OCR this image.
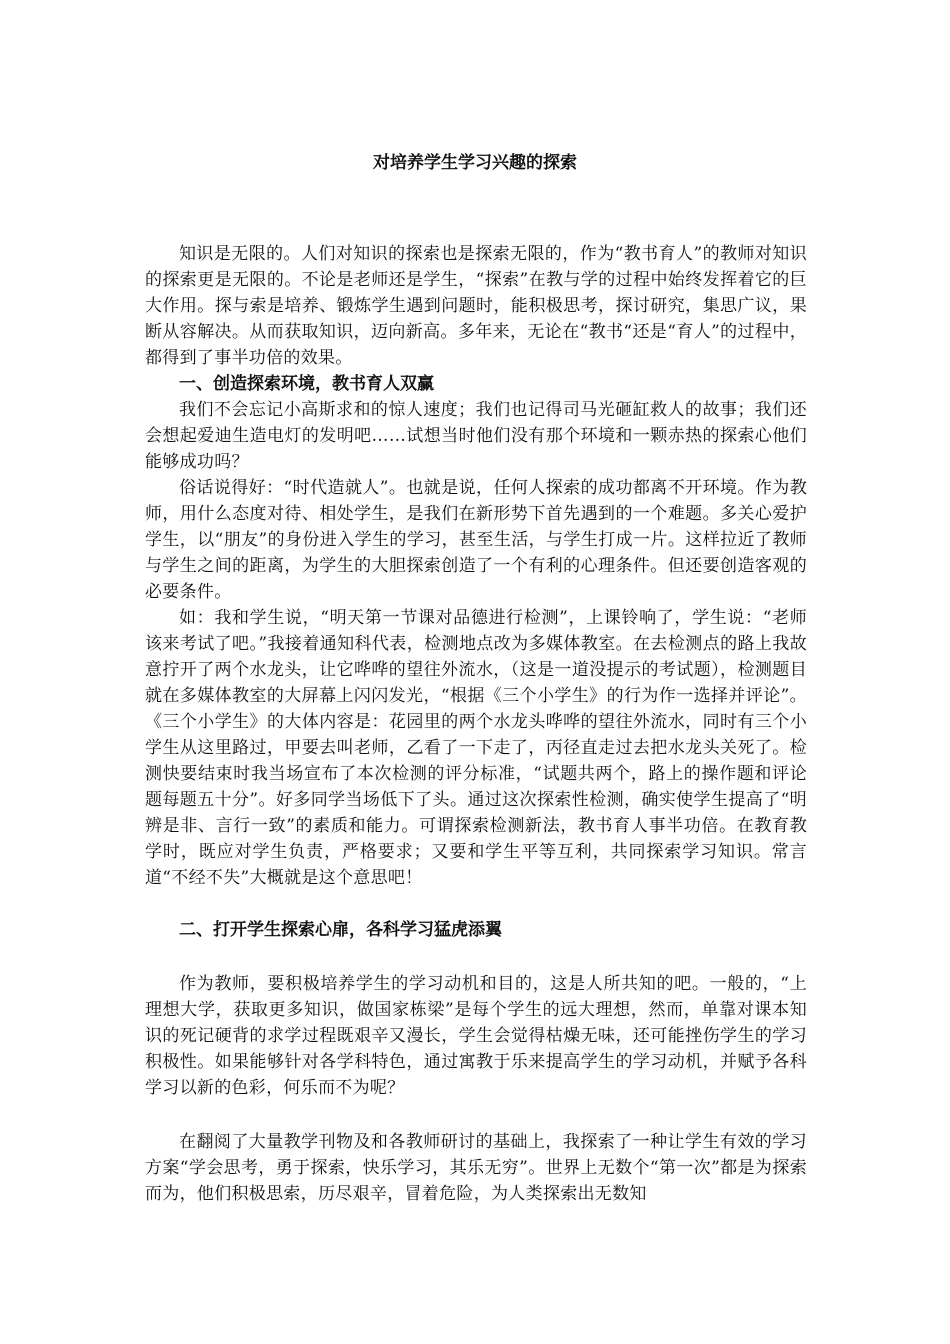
对培养学生学习兴趣的探索

知识是无限的。人们对知识的探索也是探索无限的，作为“教书育人”的教师对知识的探索更是无限的。不论是老师还是学生，“探索”在教与学的过程中始终发挥着它的巨大作用。探与索是培养、锻炼学生遇到问题时，能积极思考，探讨研究，集思广议，果断从容解决。从而获取知识，迈向新高。多年来，无论在“教书“还是“育人”的过程中，都得到了事半功倍的效果。

一、创造探索环境，教书育人双赢

我们不会忘记小高斯求和的惊人速度；我们也记得司马光砸缸救人的故事；我们还会想起爱迪生造电灯的发明吧……试想当时他们没有那个环境和一颗赤热的探索心他们能够成功吗？

俗话说得好：“时代造就人”。也就是说，任何人探索的成功都离不开环境。作为教师，用什么态度对待、相处学生，是我们在新形势下首先遇到的一个难题。多关心爱护学生，以“朋友”的身份进入学生的学习，甚至生活，与学生打成一片。这样拉近了教师与学生之间的距离，为学生的大胆探索创造了一个有利的心理条件。但还要创造客观的必要条件。

如：我和学生说，“明天第一节课对品德进行检测”，上课铃响了，学生说：“老师该来考试了吧。”我接着通知科代表，检测地点改为多媒体教室。在去检测点的路上我故意拧开了两个水龙头，让它哗哗的望往外流水，（这是一道没提示的考试题），检测题目就在多媒体教室的大屏幕上闪闪发光，“根据《三个小学生》的行为作一选择并评论”。《三个小学生》的大体内容是：花园里的两个水龙头哗哗的望往外流水，同时有三个小学生从这里路过，甲要去叫老师，乙看了一下走了，丙径直走过去把水龙头关死了。检测快要结束时我当场宣布了本次检测的评分标准，“试题共两个，路上的操作题和评论题每题五十分”。好多同学当场低下了头。通过这次探索性检测，确实使学生提高了“明辨是非、言行一致”的素质和能力。可谓探索检测新法，教书育人事半功倍。在教育教学时，既应对学生负责，严格要求；又要和学生平等互利，共同探索学习知识。常言道“不经不失”大概就是这个意思吧！

二、打开学生探索心扉，各科学习猛虎添翼

作为教师，要积极培养学生的学习动机和目的，这是人所共知的吧。一般的，“上理想大学，获取更多知识，做国家栋梁”是每个学生的远大理想，然而，单靠对课本知识的死记硬背的求学过程既艰辛又漫长，学生会觉得枯燥无味，还可能挫伤学生的学习积极性。如果能够针对各学科特色，通过寓教于乐来提高学生的学习动机，并赋予各科学习以新的色彩，何乐而不为呢？

在翻阅了大量教学刊物及和各教师研讨的基础上，我探索了一种让学生有效的学习方案“学会思考，勇于探索，快乐学习，其乐无穷”。世界上无数个“第一次”都是为探索而为，他们积极思索，历尽艰辛，冒着危险，为人类探索出无数知
